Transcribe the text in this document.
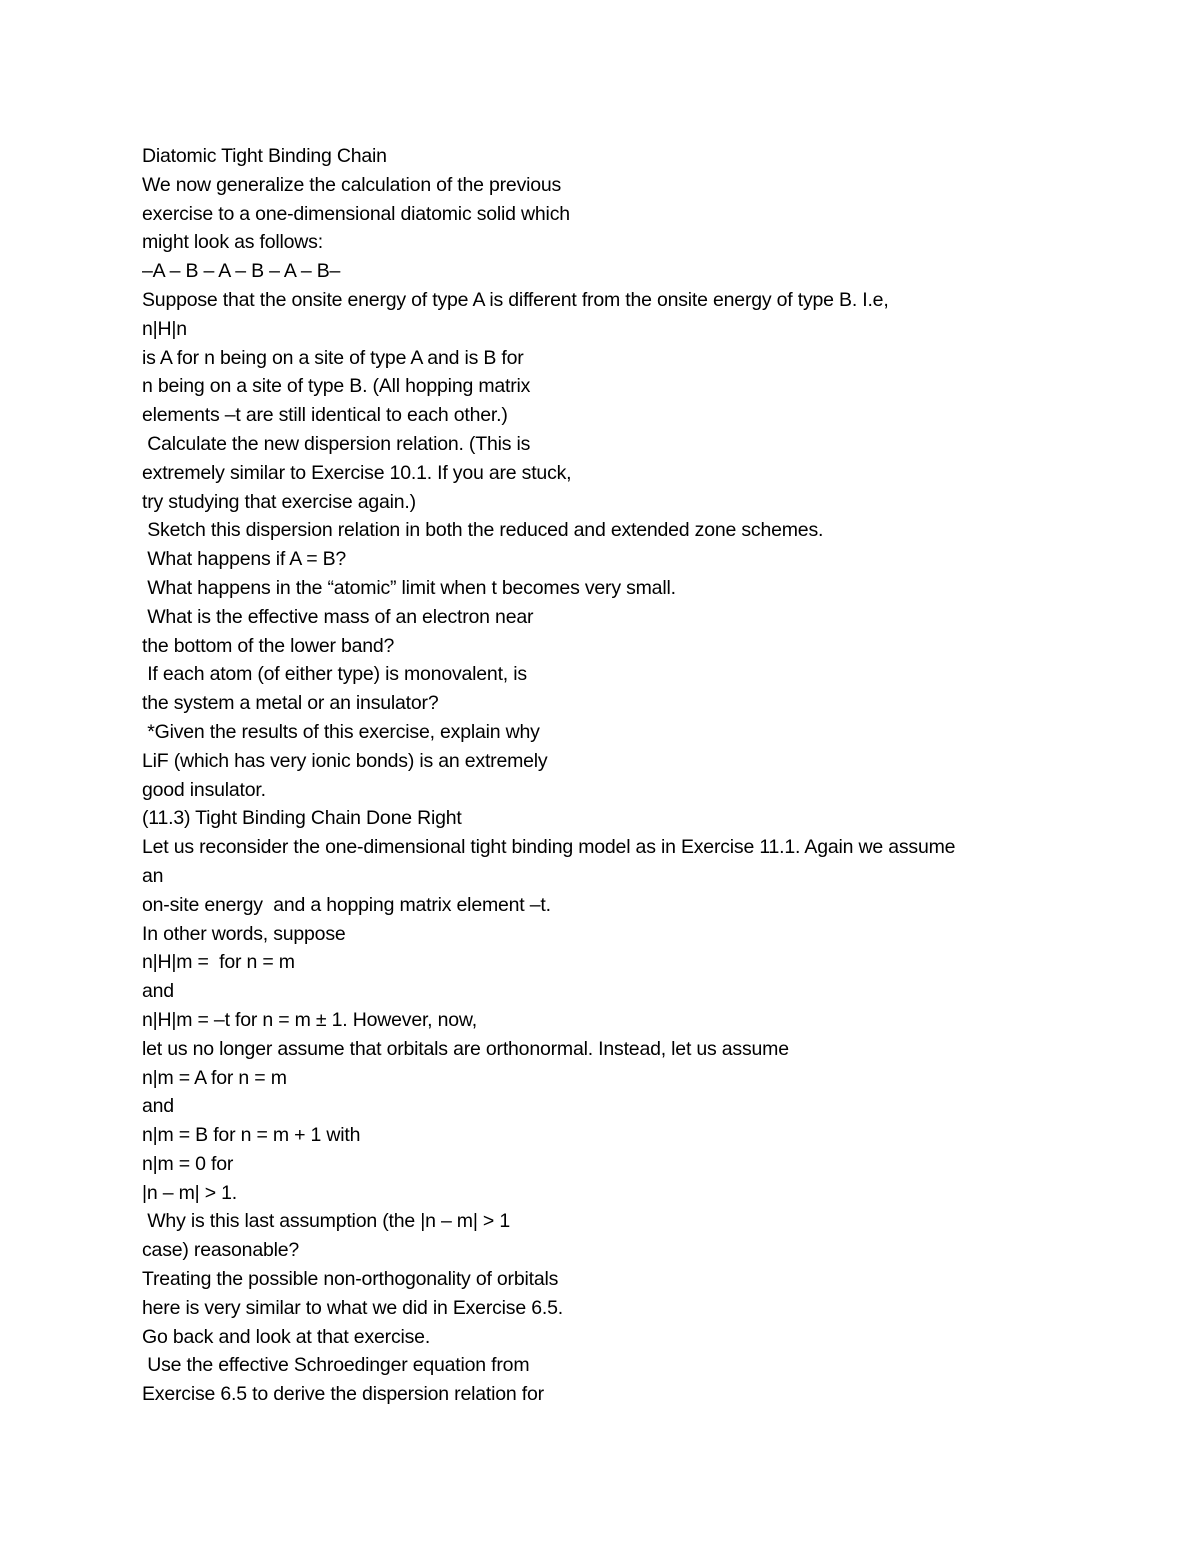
Diatomic Tight Binding Chain
We now generalize the calculation of the previous
exercise to a one-dimensional diatomic solid which
might look as follows:
–A – B – A – B – A – B–
Suppose that the onsite energy of type A is different from the onsite energy of type B. I.e,
n|H|n
is A for n being on a site of type A and is B for
n being on a site of type B. (All hopping matrix
elements –t are still identical to each other.)
Calculate the new dispersion relation. (This is
extremely similar to Exercise 10.1. If you are stuck,
try studying that exercise again.)
Sketch this dispersion relation in both the reduced and extended zone schemes.
What happens if A = B?
What happens in the “atomic” limit when t becomes very small.
What is the effective mass of an electron near
the bottom of the lower band?
If each atom (of either type) is monovalent, is
the system a metal or an insulator?
*Given the results of this exercise, explain why
LiF (which has very ionic bonds) is an extremely
good insulator.
(11.3) Tight Binding Chain Done Right
Let us reconsider the one-dimensional tight binding model as in Exercise 11.1. Again we assume
an
on-site energy  and a hopping matrix element –t.
In other words, suppose
n|H|m =  for n = m
and
n|H|m = –t for n = m ± 1. However, now,
let us no longer assume that orbitals are orthonormal. Instead, let us assume
n|m = A for n = m
and
n|m = B for n = m + 1 with
n|m = 0 for
|n – m| > 1.
Why is this last assumption (the |n – m| > 1
case) reasonable?
Treating the possible non-orthogonality of orbitals
here is very similar to what we did in Exercise 6.5.
Go back and look at that exercise.
Use the effective Schroedinger equation from
Exercise 6.5 to derive the dispersion relation for
